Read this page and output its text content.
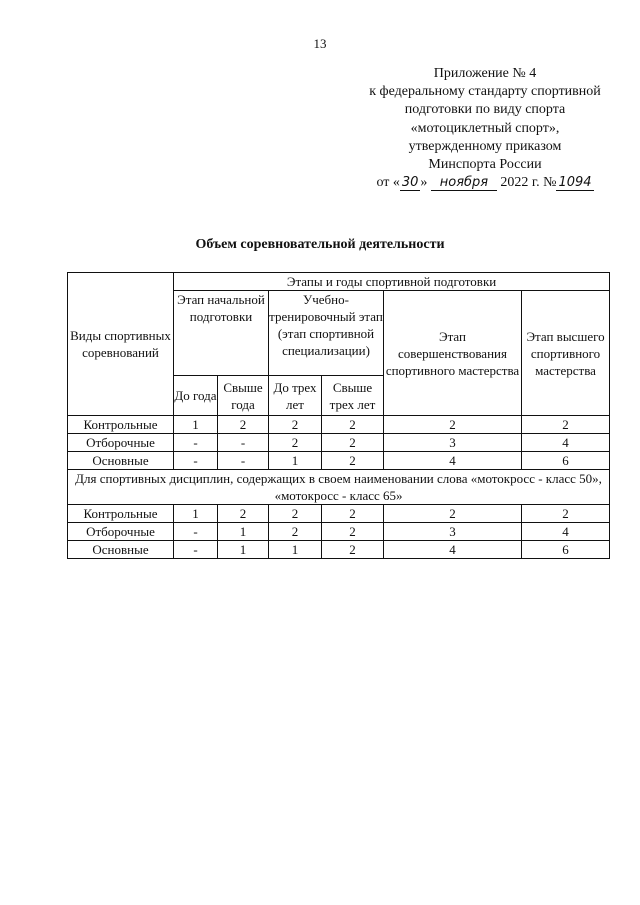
13
Приложение № 4
к федеральному стандарту спортивной
подготовки по виду спорта
«мотоциклетный спорт»,
утвержденному приказом
Минспорта России
от « 30 » ноября 2022 г. № 1094
Объем соревновательной деятельности
Виды спортивных соревнований	Этапы и годы спортивной подготовки					
	Этап начальной подготовки		Учебно-тренировочный этап (этап спортивной специализации)		Этап совершенствования спортивного мастерства	Этап высшего спортивного мастерства
	До года	Свыше года	До трех лет	Свыше трех лет		
Контрольные	1	2	2	2	2	2
Отборочные	-	-	2	2	3	4
Основные	-	-	1	2	4	6
Для спортивных дисциплин, содержащих в своем наименовании слова «мотокросс - класс 50», «мотокросс - класс 65»						
Контрольные	1	2	2	2	2	2
Отборочные	-	1	2	2	3	4
Основные	-	1	1	2	4	6
